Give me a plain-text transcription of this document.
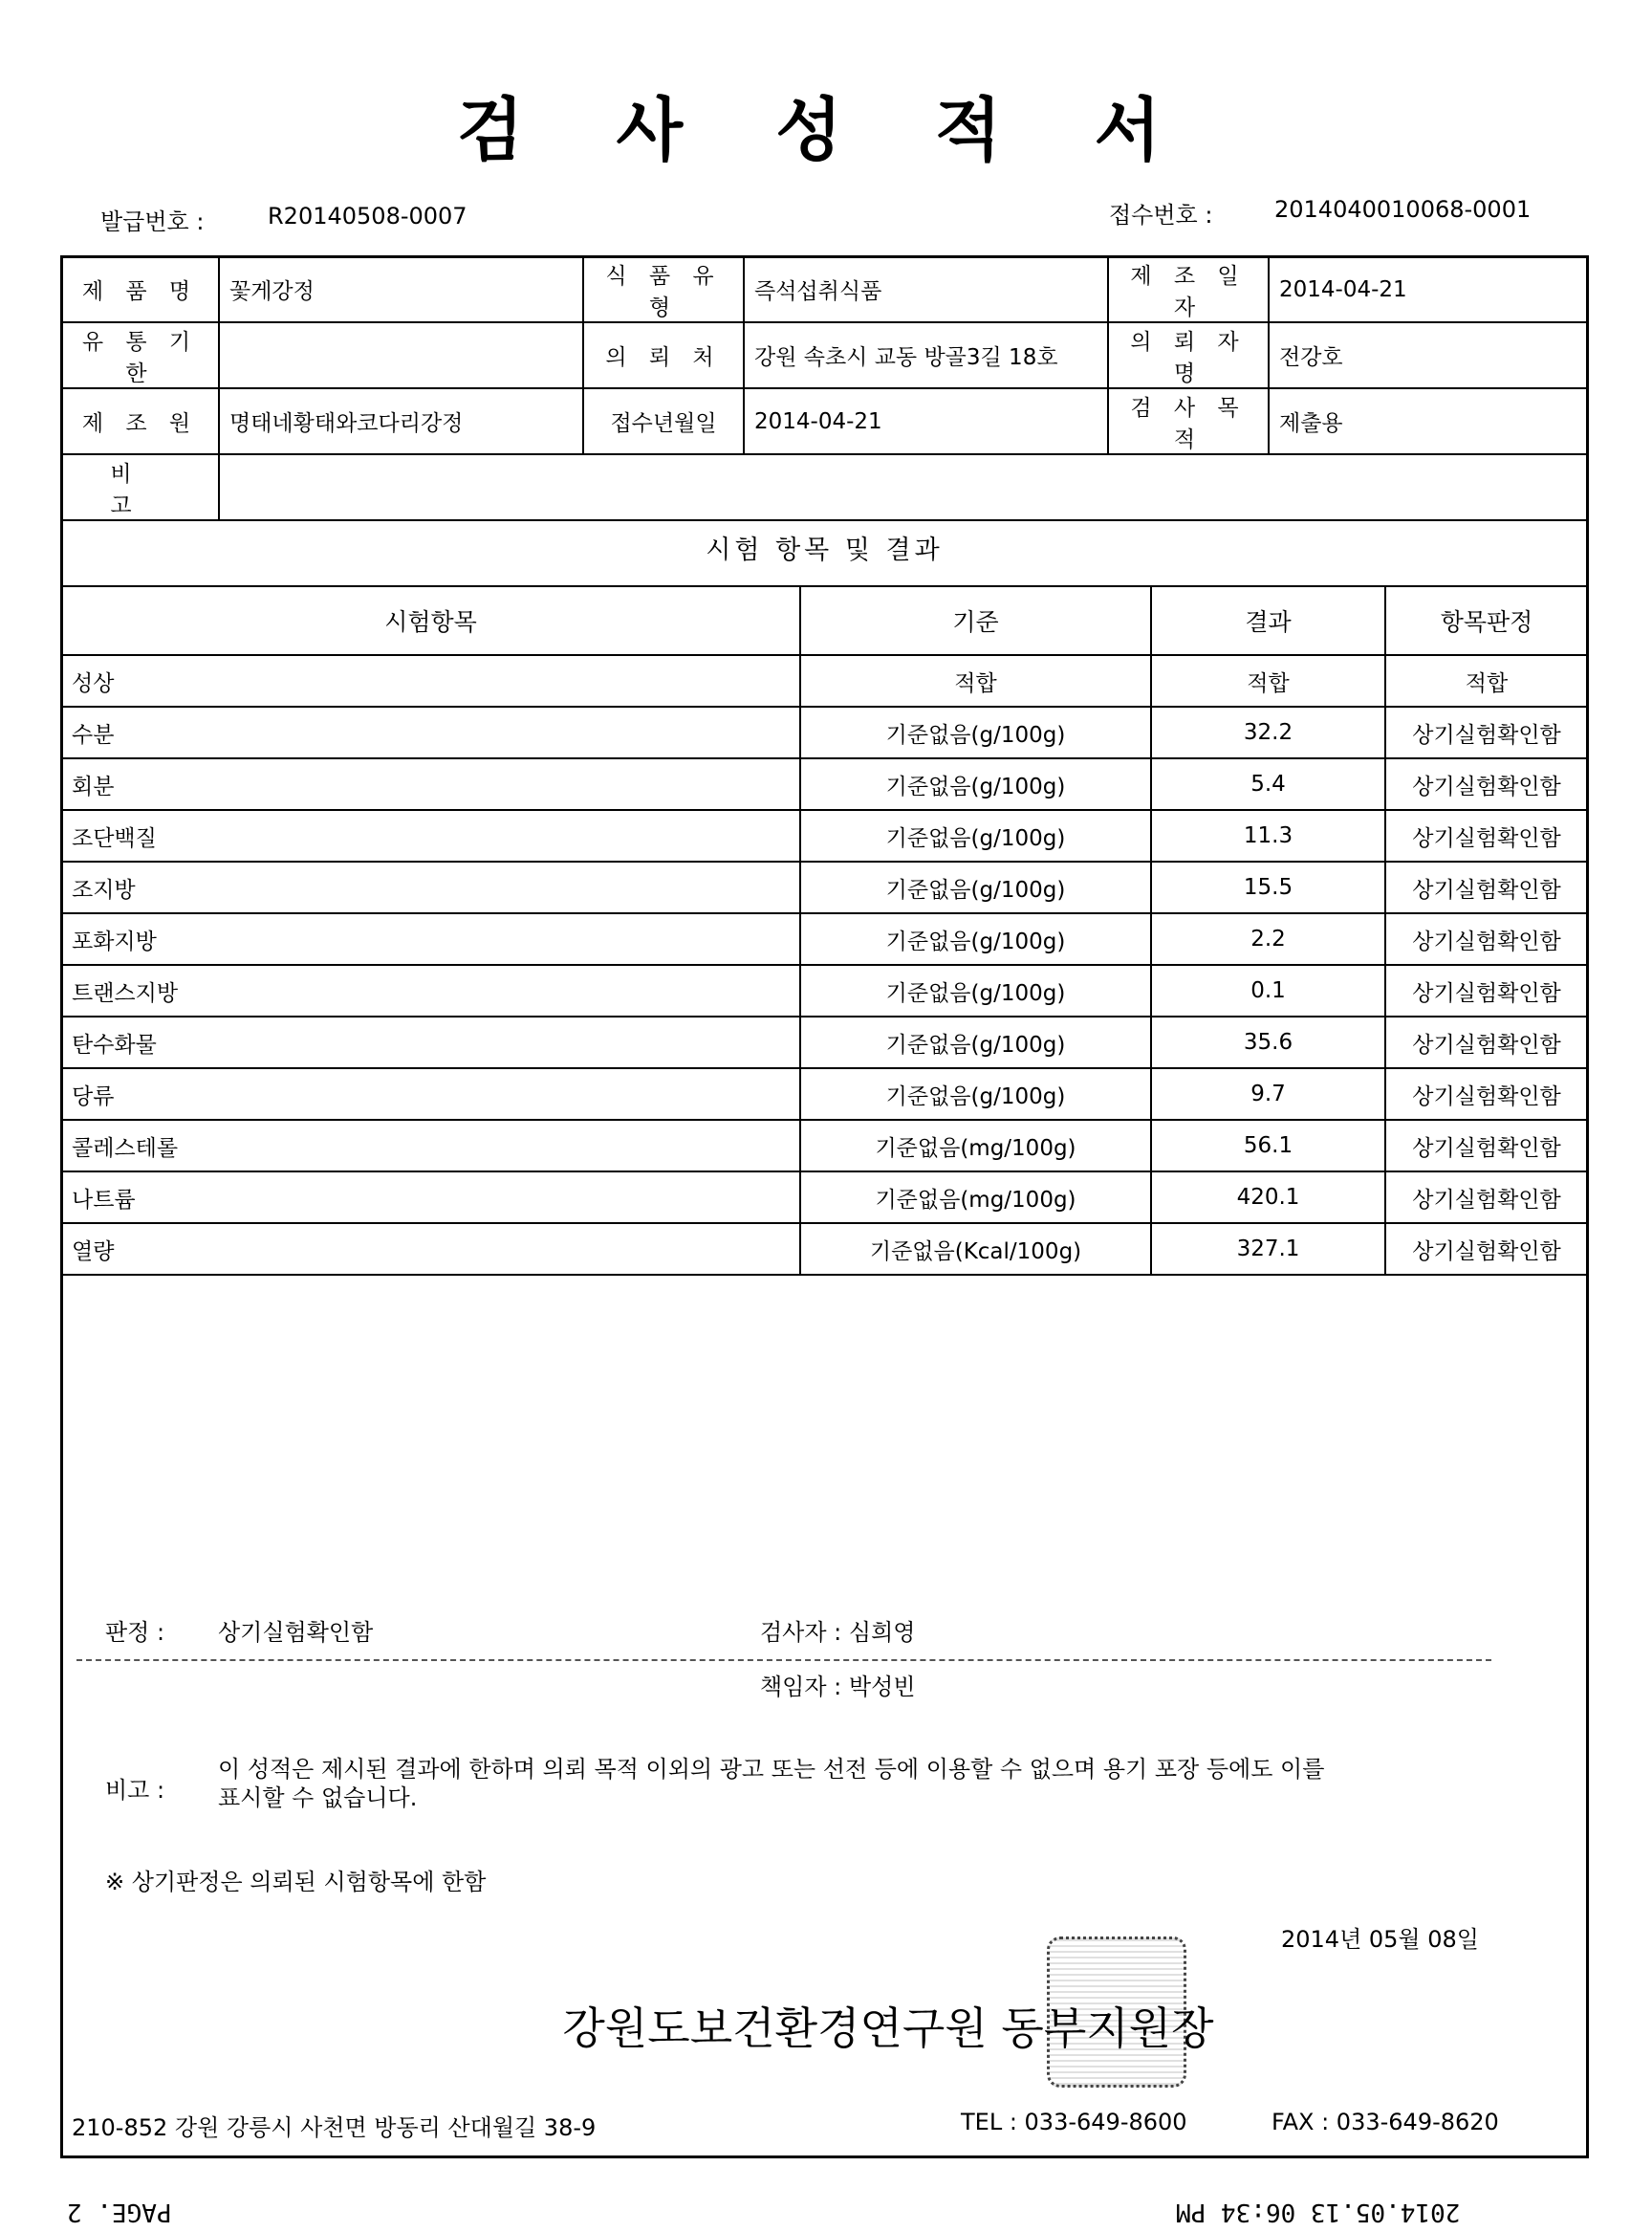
검 사 성 적 서
발급번호 :	R20140508-0007	접수번호 :	2014040010068-0001
제 품 명	꽃게강정	식 품 유 형	즉석섭취식품	제 조 일 자	2014-04-21
유 통 기 한		의 뢰 처	강원 속초시 교동 방골3길 18호	의 뢰 자 명	전강호
제 조 원	명태네황태와코다리강정	접수년월일	2014-04-21	검 사 목 적	제출용
비 고	
시험 항목 및 결과
시험항목	기준	결과	항목판정
성상	적합	적합	적합
수분	기준없음(g/100g)	32.2	상기실험확인함
회분	기준없음(g/100g)	5.4	상기실험확인함
조단백질	기준없음(g/100g)	11.3	상기실험확인함
조지방	기준없음(g/100g)	15.5	상기실험확인함
포화지방	기준없음(g/100g)	2.2	상기실험확인함
트랜스지방	기준없음(g/100g)	0.1	상기실험확인함
탄수화물	기준없음(g/100g)	35.6	상기실험확인함
당류	기준없음(g/100g)	9.7	상기실험확인함
콜레스테롤	기준없음(mg/100g)	56.1	상기실험확인함
나트륨	기준없음(mg/100g)	420.1	상기실험확인함
열량	기준없음(Kcal/100g)	327.1	상기실험확인함
판정 : 상기실험확인함	검사자 : 심희영
책임자 : 박성빈
비고 :
이 성적은 제시된 결과에 한하며 의뢰 목적 이외의 광고 또는 선전 등에 이용할 수 없으며 용기 포장 등에도 이를
표시할 수 없습니다.
※ 상기판정은 의뢰된 시험항목에 한함
2014년 05월 08일
강원도보건환경연구원 동부지원장
210-852 강원 강릉시 사천면 방동리 산대월길 38-9	TEL : 033-649-8600	FAX : 033-649-8620
2014.05.13 06:34 PM
PAGE. 2
